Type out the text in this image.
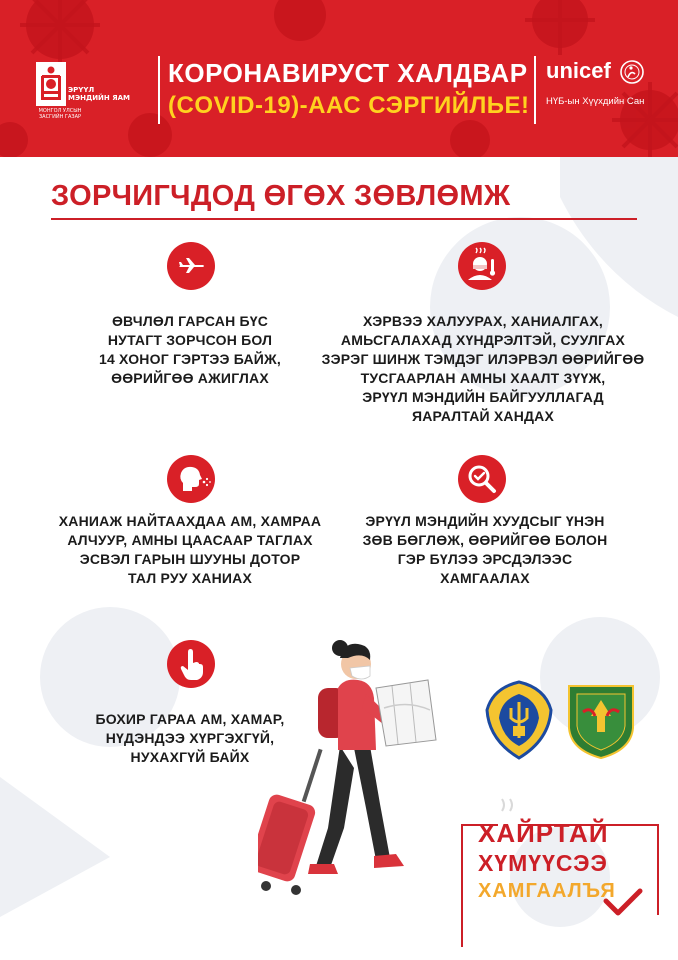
МОНГОЛ УЛСЫН ЗАСГИЙН ГАЗАР
ЭРҮҮЛ МЭНДИЙН ЯАМ
КОРОНАВИРУСТ ХАЛДВАР
(COVID-19)-ААС СЭРГИЙЛЬЕ!
unicef
НҮБ-ын Хүүхдийн Сан
ЗОРЧИГЧДОД ӨГӨХ ЗӨВЛӨМЖ
ӨВЧЛӨЛ ГАРСАН БҮС
НУТАГТ ЗОРЧСОН БОЛ
14 ХОНОГ ГЭРТЭЭ БАЙЖ,
ӨӨРИЙГӨӨ АЖИГЛАХ
ХЭРВЭЭ ХАЛУУРАХ, ХАНИАЛГАХ,
АМЬСГАЛАХАД ХҮНДРЭЛТЭЙ, СУУЛГАХ
ЗЭРЭГ ШИНЖ ТЭМДЭГ ИЛЭРВЭЛ ӨӨРИЙГӨӨ
ТУСГААРЛАН АМНЫ ХААЛТ ЗҮҮЖ,
ЭРҮҮЛ МЭНДИЙН БАЙГУУЛЛАГАД
ЯАРАЛТАЙ ХАНДАХ
ХАНИАЖ НАЙТААХДАА АМ, ХАМРАА
АЛЧУУР, АМНЫ ЦААСААР ТАГЛАХ
ЭСВЭЛ ГАРЫН ШУУНЫ ДОТОР
ТАЛ РУУ ХАНИАХ
ЭРҮҮЛ МЭНДИЙН ХУУДСЫГ ҮНЭН
ЗӨВ БӨГЛӨЖ, ӨӨРИЙГӨӨ БОЛОН
ГЭР БҮЛЭЭ ЭРСДЭЛЭЭС
ХАМГААЛАХ
БОХИР ГАРАА АМ, ХАМАР,
НҮДЭНДЭЭ ХҮРГЭХГҮЙ,
НУХАХГҮЙ БАЙХ
ХАЙРТАЙ
ХҮМҮҮСЭЭ
ХАМГААЛЪЯ
